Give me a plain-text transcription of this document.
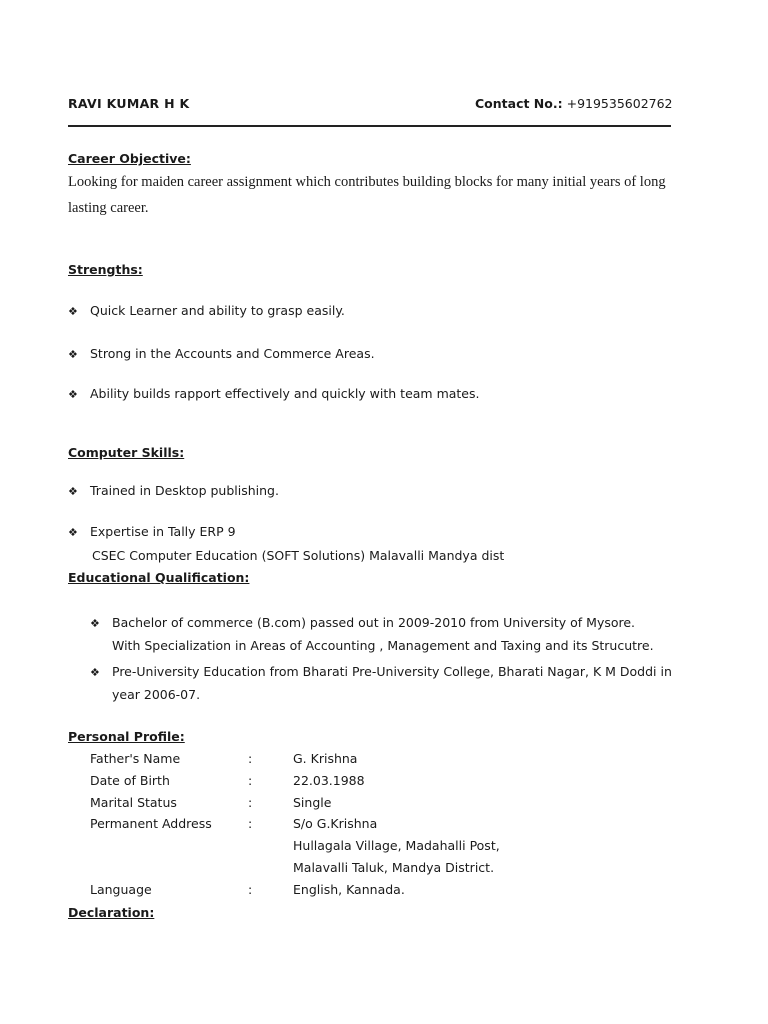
RAVI KUMAR H K	Contact No.: +919535602762
Career Objective:
Looking for maiden career assignment which contributes building blocks for many initial years of long
lasting career.
Strengths:
❖ Quick Learner and ability to grasp easily.
❖ Strong in the Accounts and Commerce Areas.
❖ Ability builds rapport effectively and quickly with team mates.
Computer Skills:
❖ Trained in Desktop publishing.
❖ Expertise in Tally ERP 9
CSEC Computer Education (SOFT Solutions) Malavalli Mandya dist
Educational Qualification:
❖ Bachelor of commerce (B.com) passed out in 2009-2010 from University of Mysore.
With Specialization in Areas of Accounting , Management and Taxing and its Strucutre.
❖ Pre-University Education from Bharati Pre-University College, Bharati Nagar, K M Doddi in
year 2006-07.
Personal Profile:
Father's Name	:	G. Krishna
Date of Birth	:	22.03.1988
Marital Status	:	Single
Permanent Address	:	S/o G.Krishna
Hullagala Village, Madahalli Post,
Malavalli Taluk, Mandya District.
Language	:	English, Kannada.
Declaration:
